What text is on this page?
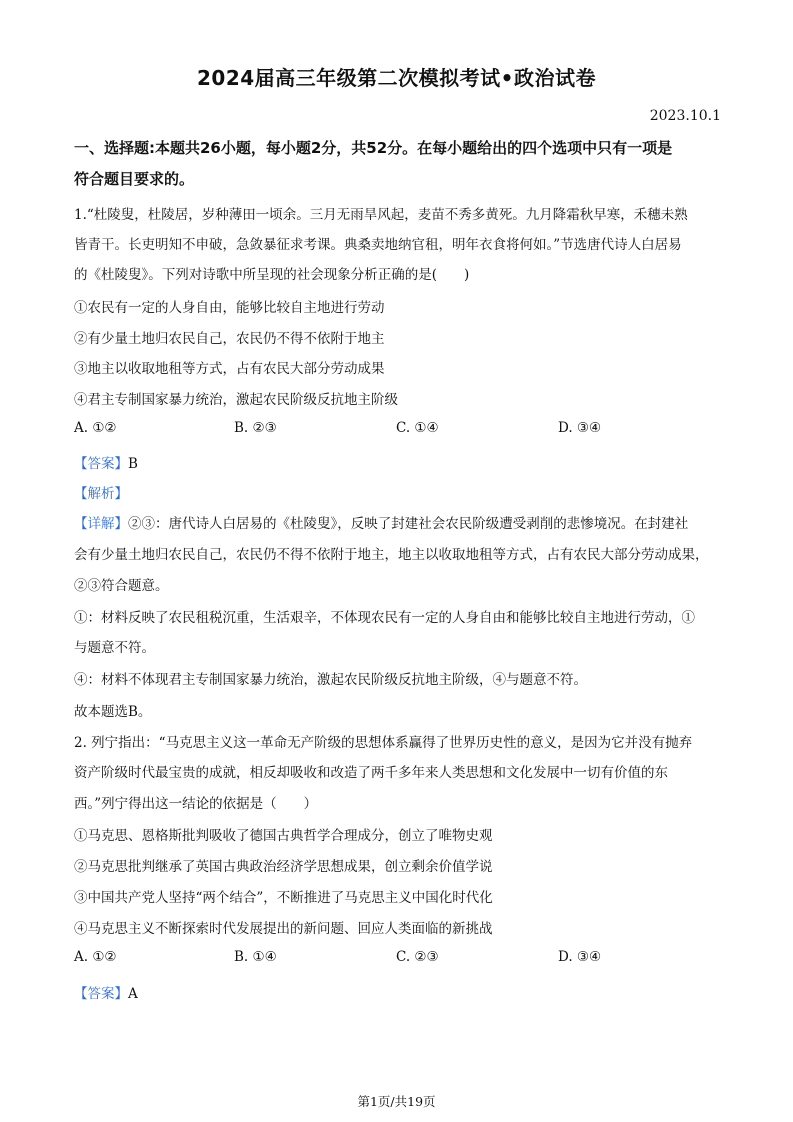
2024届高三年级第二次模拟考试•政治试卷
2023.10.1
一、选择题:本题共26小题，每小题2分，共52分。在每小题给出的四个选项中只有一项是
符合题目要求的。
1.“杜陵叟，杜陵居，岁种薄田一顷余。三月无雨旱风起，麦苗不秀多黄死。九月降霜秋早寒，禾穗未熟
皆青干。长吏明知不申破，急敛暴征求考课。典桑卖地纳官租，明年衣食将何如。”节选唐代诗人白居易
的《杜陵叟》。下列对诗歌中所呈现的社会现象分析正确的是(　　)
①农民有一定的人身自由，能够比较自主地进行劳动
②有少量土地归农民自己，农民仍不得不依附于地主
③地主以收取地租等方式，占有农民大部分劳动成果
④君主专制国家暴力统治，激起农民阶级反抗地主阶级
A. ①②	B. ②③	C. ①④	D. ③④
【答案】B
【解析】
【详解】②③：唐代诗人白居易的《杜陵叟》，反映了封建社会农民阶级遭受剥削的悲惨境况。在封建社
会有少量土地归农民自己，农民仍不得不依附于地主，地主以收取地租等方式，占有农民大部分劳动成果，
②③符合题意。
①：材料反映了农民租税沉重，生活艰辛，不体现农民有一定的人身自由和能够比较自主地进行劳动，①
与题意不符。
④：材料不体现君主专制国家暴力统治，激起农民阶级反抗地主阶级，④与题意不符。
故本题选B。
2. 列宁指出：“马克思主义这一革命无产阶级的思想体系赢得了世界历史性的意义，是因为它并没有抛弃
资产阶级时代最宝贵的成就，相反却吸收和改造了两千多年来人类思想和文化发展中一切有价值的东
西。”列宁得出这一结论的依据是（　　）
①马克思、恩格斯批判吸收了德国古典哲学合理成分，创立了唯物史观
②马克思批判继承了英国古典政治经济学思想成果，创立剩余价值学说
③中国共产党人坚持“两个结合”，不断推进了马克思主义中国化时代化
④马克思主义不断探索时代发展提出的新问题、回应人类面临的新挑战
A. ①②	B. ①④	C. ②③	D. ③④
【答案】A
第1页/共19页
